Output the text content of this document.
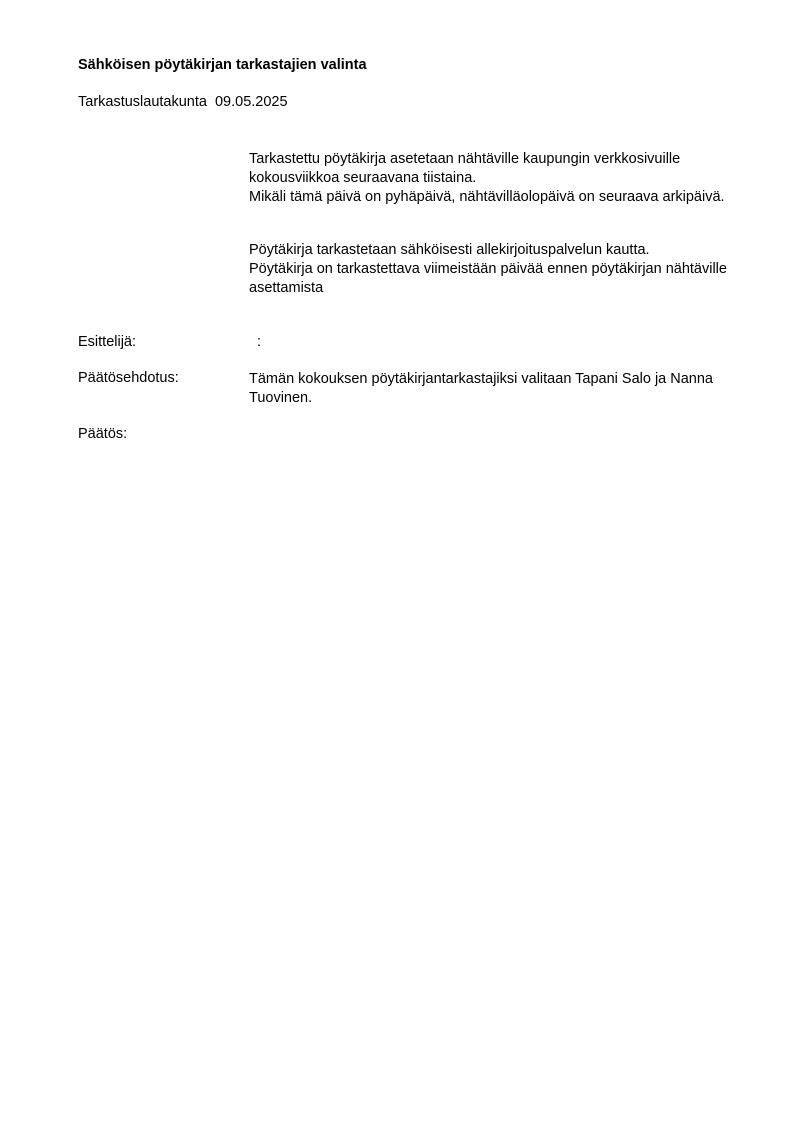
Sähköisen pöytäkirjan tarkastajien valinta
Tarkastuslautakunta 09.05.2025

Tarkastettu pöytäkirja asetetaan nähtäville kaupungin verkkosivuille kokousviikkoa seuraavana tiistaina.

Mikäli tämä päivä on pyhäpäivä, nähtävilläolopäivä on seuraava arkipäivä.

Pöytäkirja tarkastetaan sähköisesti allekirjoituspalvelun kautta.

Pöytäkirja on tarkastettava viimeistään päivää ennen pöytäkirjan nähtäville asettamista

Esittelijä:	:
Päätösehdotus:	Tämän kokouksen pöytäkirjantarkastajiksi valitaan Tapani Salo ja Nanna Tuovinen.
Päätös:
